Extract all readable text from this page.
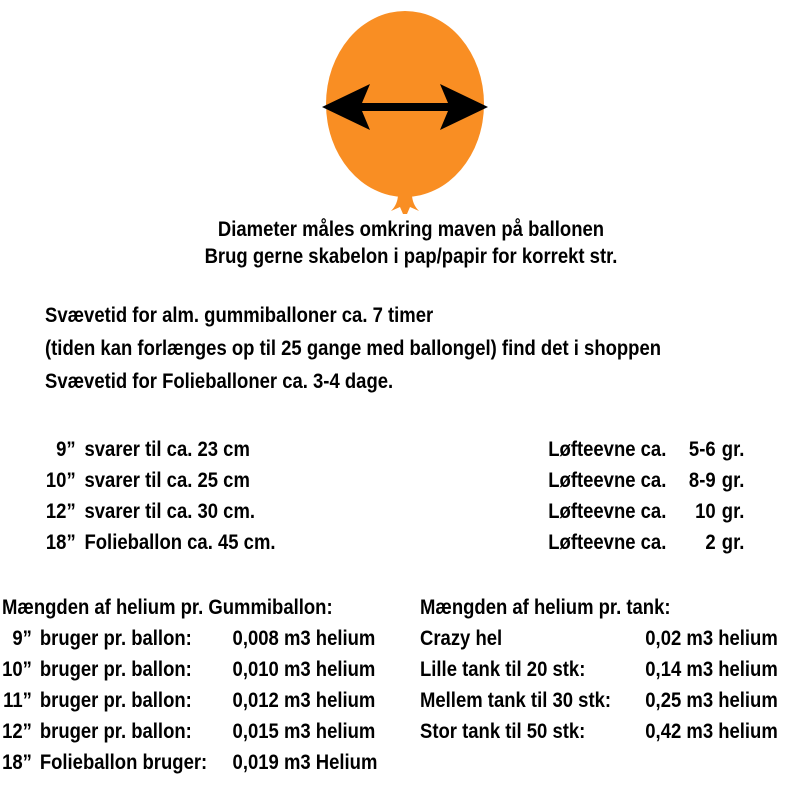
Diameter måles omkring maven på ballonen
Brug gerne skabelon i pap/papir for korrekt str.
Svævetid for alm. gummiballoner ca. 7 timer
(tiden kan forlænges op til 25 gange med ballongel) find det i shoppen
Svævetid for Folieballoner ca. 3-4 dage.
9” svarer til ca. 23 cm	Løfteevne ca. 5-6 gr.
10” svarer til ca. 25 cm	Løfteevne ca. 8-9 gr.
12” svarer til ca. 30 cm.	Løfteevne ca. 10 gr.
18” Folieballon ca. 45 cm.	Løfteevne ca. 2 gr.
Mængden af helium pr. Gummiballon:
9” bruger pr. ballon: 0,008 m3 helium
10” bruger pr. ballon: 0,010 m3 helium
11” bruger pr. ballon: 0,012 m3 helium
12” bruger pr. ballon: 0,015 m3 helium
18” Folieballon bruger: 0,019 m3 Helium
Mængden af helium pr. tank:
Crazy hel	0,02 m3 helium
Lille tank til 20 stk:	0,14 m3 helium
Mellem tank til 30 stk: 0,25 m3 helium
Stor tank til 50 stk:	0,42 m3 helium
